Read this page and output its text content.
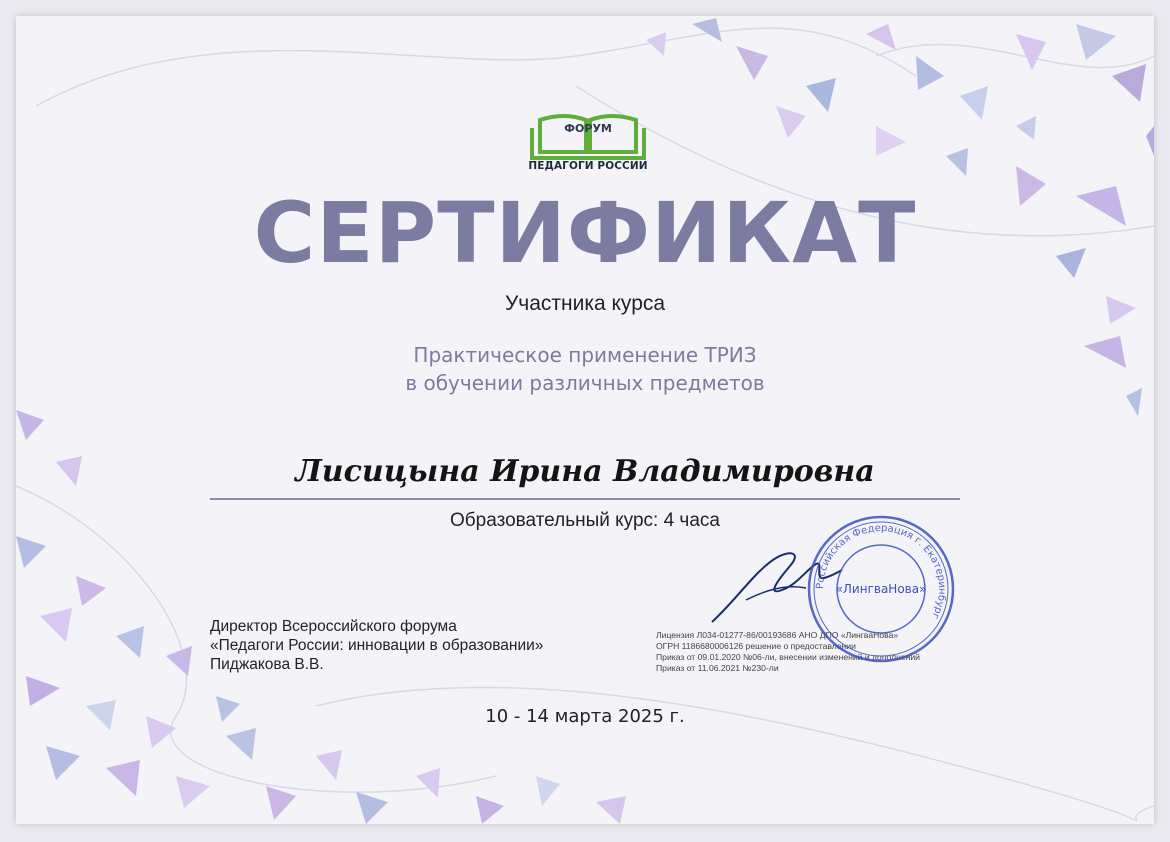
ФОРУМ
ПЕДАГОГИ РОССИИ
СЕРТИФИКАТ
Участника курса
Практическое применение ТРИЗ
в обучении различных предметов
Лисицына Ирина Владимировна
Образовательный курс: 4 часа
Директор Всероссийского форума
«Педагоги России: инновации в образовании»
Пиджакова В.В.
Лицензия Л034-01277-86/00193686 АНО ДПО «ЛингваНова»
ОГРН 1186680006126 решение о предоставлении
Приказ от 09.01.2020 №06-ли, внесении изменений и дополнений
Приказ от 11.06.2021 №230-ли
Российская Федерация г. Екатеринбург
«ЛингваНова»
10 - 14 марта 2025 г.
